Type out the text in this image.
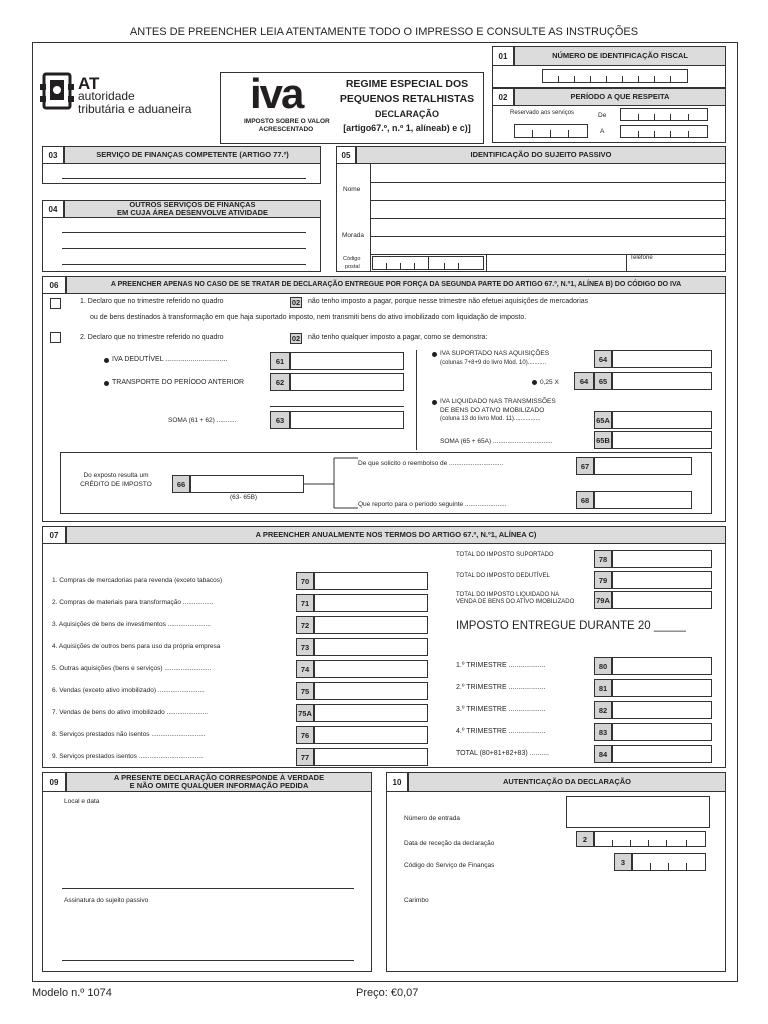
ANTES DE PREENCHER LEIA ATENTAMENTE TODO O IMPRESSO E CONSULTE AS INSTRUÇÕES
AT
autoridade
tributária e aduaneira iva
IMPOSTO SOBRE O VALOR
ACRESCENTADO
REGIME ESPECIAL DOS
PEQUENOS RETALHISTAS
DECLARAÇÃO
[artigo67.º, n.º 1, alíneab) e c)]
01	NÚMERO DE IDENTIFICAÇÃO FISCAL
02	PERÍODO A QUE RESPEITA
Reservado aos serviços	De
A
03	SERVIÇO DE FINANÇAS COMPETENTE (ARTIGO 77.º)
04	OUTROS SERVIÇOS DE FINANÇAS
EM CUJA ÁREA DESENVOLVE ATIVIDADE
05	IDENTIFICAÇÃO DO SUJEITO PASSIVO
Nome
Morada
Código
postal
Telefone
06	A PREENCHER APENAS NO CASO DE SE TRATAR DE DECLARAÇÃO ENTREGUE POR FORÇA DA SEGUNDA PARTE DO ARTIGO 67.º, N.º1, ALÍNEA B) DO CÓDIGO DO IVA
1. Declaro que no trimestre referido no quadro	02 não tenho imposto a pagar, porque nesse trimestre não efetuei aquisições de mercadorias
ou de bens destinados à transformação em que haja suportado imposto, nem transmiti bens do ativo imobilizado com liquidação de imposto.
2. Declaro que no trimestre referido no quadro	02 não tenho qualquer imposto a pagar, como se demonstra:
IVA DEDUTÍVEL ................................	61
TRANSPORTE DO PERÍODO ANTERIOR	62
SOMA (61 + 62) ...........	63
IVA SUPORTADO NAS AQUISIÇÕES
(colunas 7+8+9 do livro Mod. 10)...........	64
0,25 X	64	65
IVA LIQUIDADO NAS TRANSMISSÕES
DE BENS DO ATIVO IMOBILIZADO
(coluna 13 do livro Mod. 11)................	65A
SOMA (65 + 65A) .................................	65B
Do exposto resulta um
CRÉDITO DE IMPOSTO	66
(63- 65B)
De que solicito o reembolso de ..............................	67
Que reporto para o período seguinte .......................	68
07	A PREENCHER ANUALMENTE NOS TERMOS DO ARTIGO 67.º, N.º1, ALÍNEA C)
1. Compras de mercadorias para revenda (exceto tabacos)	70
2. Compras de materiais para transformação .................	71
3. Aquisições de bens de investimentos ........................	72
4. Aquisições de outros bens para uso da própria empresa	73
5. Outras aquisições (bens e serviços) ..........................	74
6. Vendas (exceto ativo imobilizado) ..........................	75
7. Vendas de bens do ativo imobilizado .......................	75A
8. Serviços prestados não isentos ..............................	76
9. Serviços prestados isentos ....................................	77
TOTAL DO IMPOSTO SUPORTADO	78
TOTAL DO IMPOSTO DEDUTÍVEL	79
TOTAL DO IMPOSTO LIQUIDADO NA
VENDA DE BENS DO ATIVO IMOBILIZADO	79A
IMPOSTO ENTREGUE DURANTE 20 _____
1.º TRIMESTRE ...................	80
2.º TRIMESTRE ...................	81
3.º TRIMESTRE ...................	82
4.º TRIMESTRE ...................	83
TOTAL (80+81+82+83) ..........	84
09	A PRESENTE DECLARAÇÃO CORRESPONDE À VERDADE
E NÃO OMITE QUALQUER INFORMAÇÃO PEDIDA
Local e data
Assinatura do sujeito passivo
10	AUTENTICAÇÃO DA DECLARAÇÃO
Número de entrada
Data de receção da declaração	2
Código do Serviço de Finanças	3
Carimbo
Modelo n.º 1074	Preço: €0,07
